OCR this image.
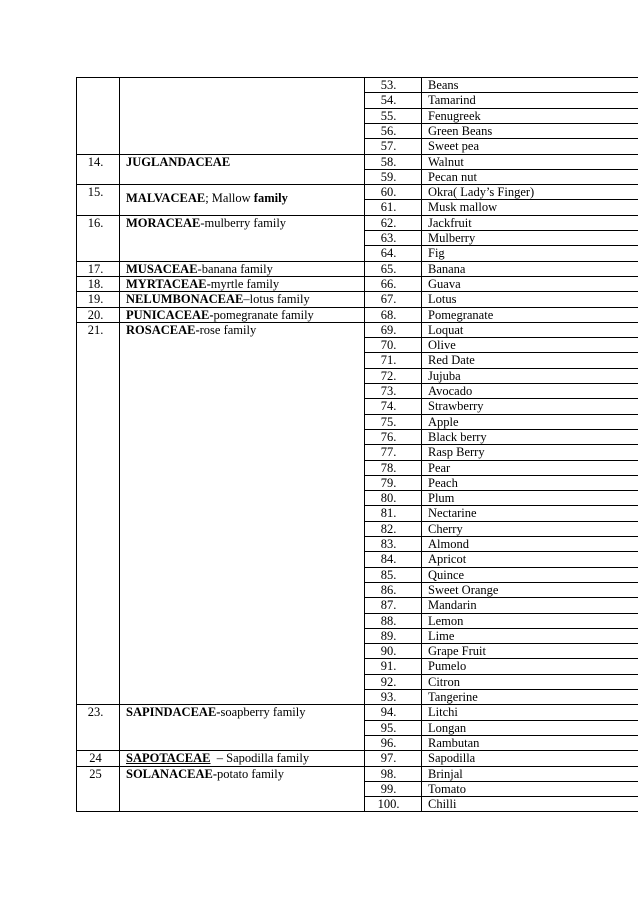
53.	Beans
54.	Tamarind
55.	Fenugreek
56.	Green Beans
57.	Sweet pea
14.	JUGLANDACEAE	58.	Walnut
59.	Pecan nut
15.	MALVACEAE; Mallow family	60.	Okra( Lady’s Finger)
61.	Musk mallow
16.	MORACEAE-mulberry family	62.	Jackfruit
63.	Mulberry
64.	Fig
17.	MUSACEAE-banana family	65.	Banana
18.	MYRTACEAE-myrtle family	66.	Guava
19.	NELUMBONACEAE–lotus family	67.	Lotus
20.	PUNICACEAE-pomegranate family	68.	Pomegranate
21.	ROSACEAE-rose family	69.	Loquat
70.	Olive
71.	Red Date
72.	Jujuba
73.	Avocado
74.	Strawberry
75.	Apple
76.	Black berry
77.	Rasp Berry
78.	Pear
79.	Peach
80.	Plum
81.	Nectarine
82.	Cherry
83.	Almond
84.	Apricot
85.	Quince
86.	Sweet Orange
87.	Mandarin
88.	Lemon
89.	Lime
90.	Grape Fruit
91.	Pumelo
92.	Citron
93.	Tangerine
23.	SAPINDACEAE-soapberry family	94.	Litchi
95.	Longan
96.	Rambutan
24	SAPOTACEAE  – Sapodilla family	97.	Sapodilla
25	SOLANACEAE-potato family	98.	Brinjal
99.	Tomato
100.	Chilli
